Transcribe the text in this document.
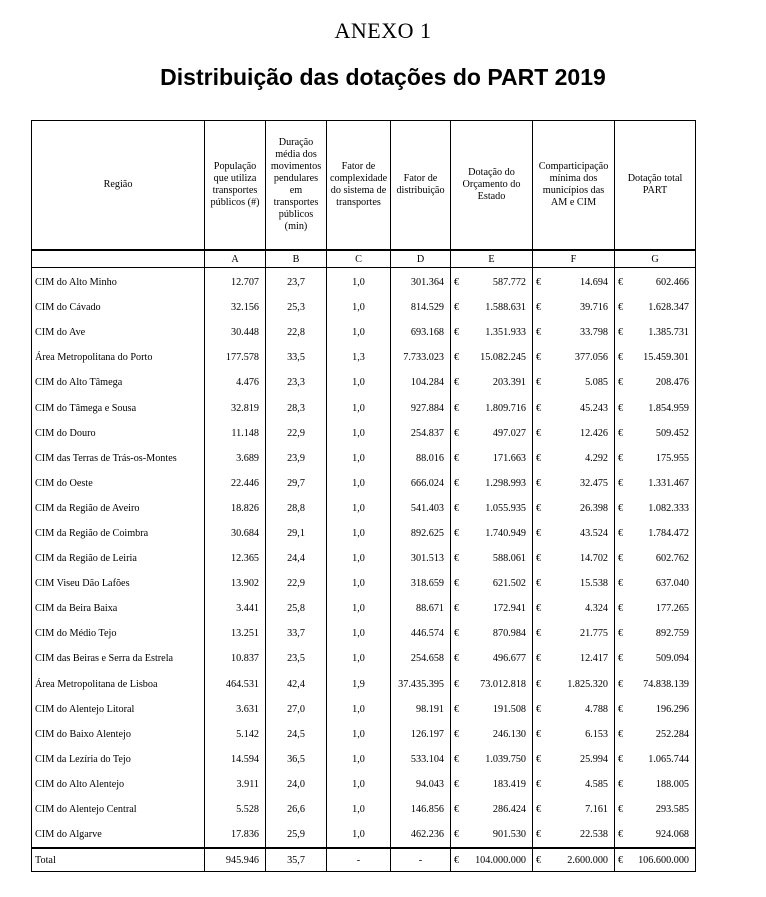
ANEXO 1
Distribuição das dotações do PART 2019
Região	População que utiliza transportes públicos (#)	Duração média dos movimentos pendulares em transportes públicos (min)	Fator de complexidade do sistema de transportes	Fator de distribuição	Dotação do Orçamento do Estado	Comparticipação mínima dos municípios das AM e CIM	Dotação total PART
	A	B	C	D	E	F	G
CIM do Alto Minho	12.707	23,7	1,0	301.364	€ 587.772	€ 14.694	€ 602.466

CIM do Cávado	32.156	25,3	1,0	814.529	€ 1.588.631	€ 39.716	€ 1.628.347

CIM do Ave	30.448	22,8	1,0	693.168	€ 1.351.933	€ 33.798	€ 1.385.731

Área Metropolitana do Porto	177.578	33,5	1,3	7.733.023	€ 15.082.245	€ 377.056	€ 15.459.301

CIM do Alto Tâmega	4.476	23,3	1,0	104.284	€ 203.391	€ 5.085	€ 208.476

CIM do Tâmega e Sousa	32.819	28,3	1,0	927.884	€ 1.809.716	€ 45.243	€ 1.854.959

CIM do Douro	11.148	22,9	1,0	254.837	€ 497.027	€ 12.426	€ 509.452

CIM das Terras de Trás-os-Montes	3.689	23,9	1,0	88.016	€ 171.663	€ 4.292	€ 175.955

CIM do Oeste	22.446	29,7	1,0	666.024	€ 1.298.993	€ 32.475	€ 1.331.467

CIM da Região de Aveiro	18.826	28,8	1,0	541.403	€ 1.055.935	€ 26.398	€ 1.082.333

CIM da Região de Coimbra	30.684	29,1	1,0	892.625	€ 1.740.949	€ 43.524	€ 1.784.472

CIM da Região de Leiria	12.365	24,4	1,0	301.513	€ 588.061	€ 14.702	€ 602.762

CIM Viseu Dão Lafões	13.902	22,9	1,0	318.659	€ 621.502	€ 15.538	€ 637.040

CIM da Beira Baixa	3.441	25,8	1,0	88.671	€ 172.941	€ 4.324	€ 177.265

CIM do Médio Tejo	13.251	33,7	1,0	446.574	€ 870.984	€ 21.775	€ 892.759

CIM das Beiras e Serra da Estrela	10.837	23,5	1,0	254.658	€ 496.677	€ 12.417	€ 509.094

Área Metropolitana de Lisboa	464.531	42,4	1,9	37.435.395	€ 73.012.818	€ 1.825.320	€ 74.838.139

CIM do Alentejo Litoral	3.631	27,0	1,0	98.191	€ 191.508	€ 4.788	€ 196.296

CIM do Baixo Alentejo	5.142	24,5	1,0	126.197	€ 246.130	€ 6.153	€ 252.284

CIM da Lezíria do Tejo	14.594	36,5	1,0	533.104	€ 1.039.750	€ 25.994	€ 1.065.744

CIM do Alto Alentejo	3.911	24,0	1,0	94.043	€ 183.419	€ 4.585	€ 188.005

CIM do Alentejo Central	5.528	26,6	1,0	146.856	€ 286.424	€ 7.161	€ 293.585

CIM do Algarve	17.836	25,9	1,0	462.236	€ 901.530	€ 22.538	€ 924.068

Total	945.946	35,7	-	-	€ 104.000.000	€ 2.600.000	€ 106.600.000
